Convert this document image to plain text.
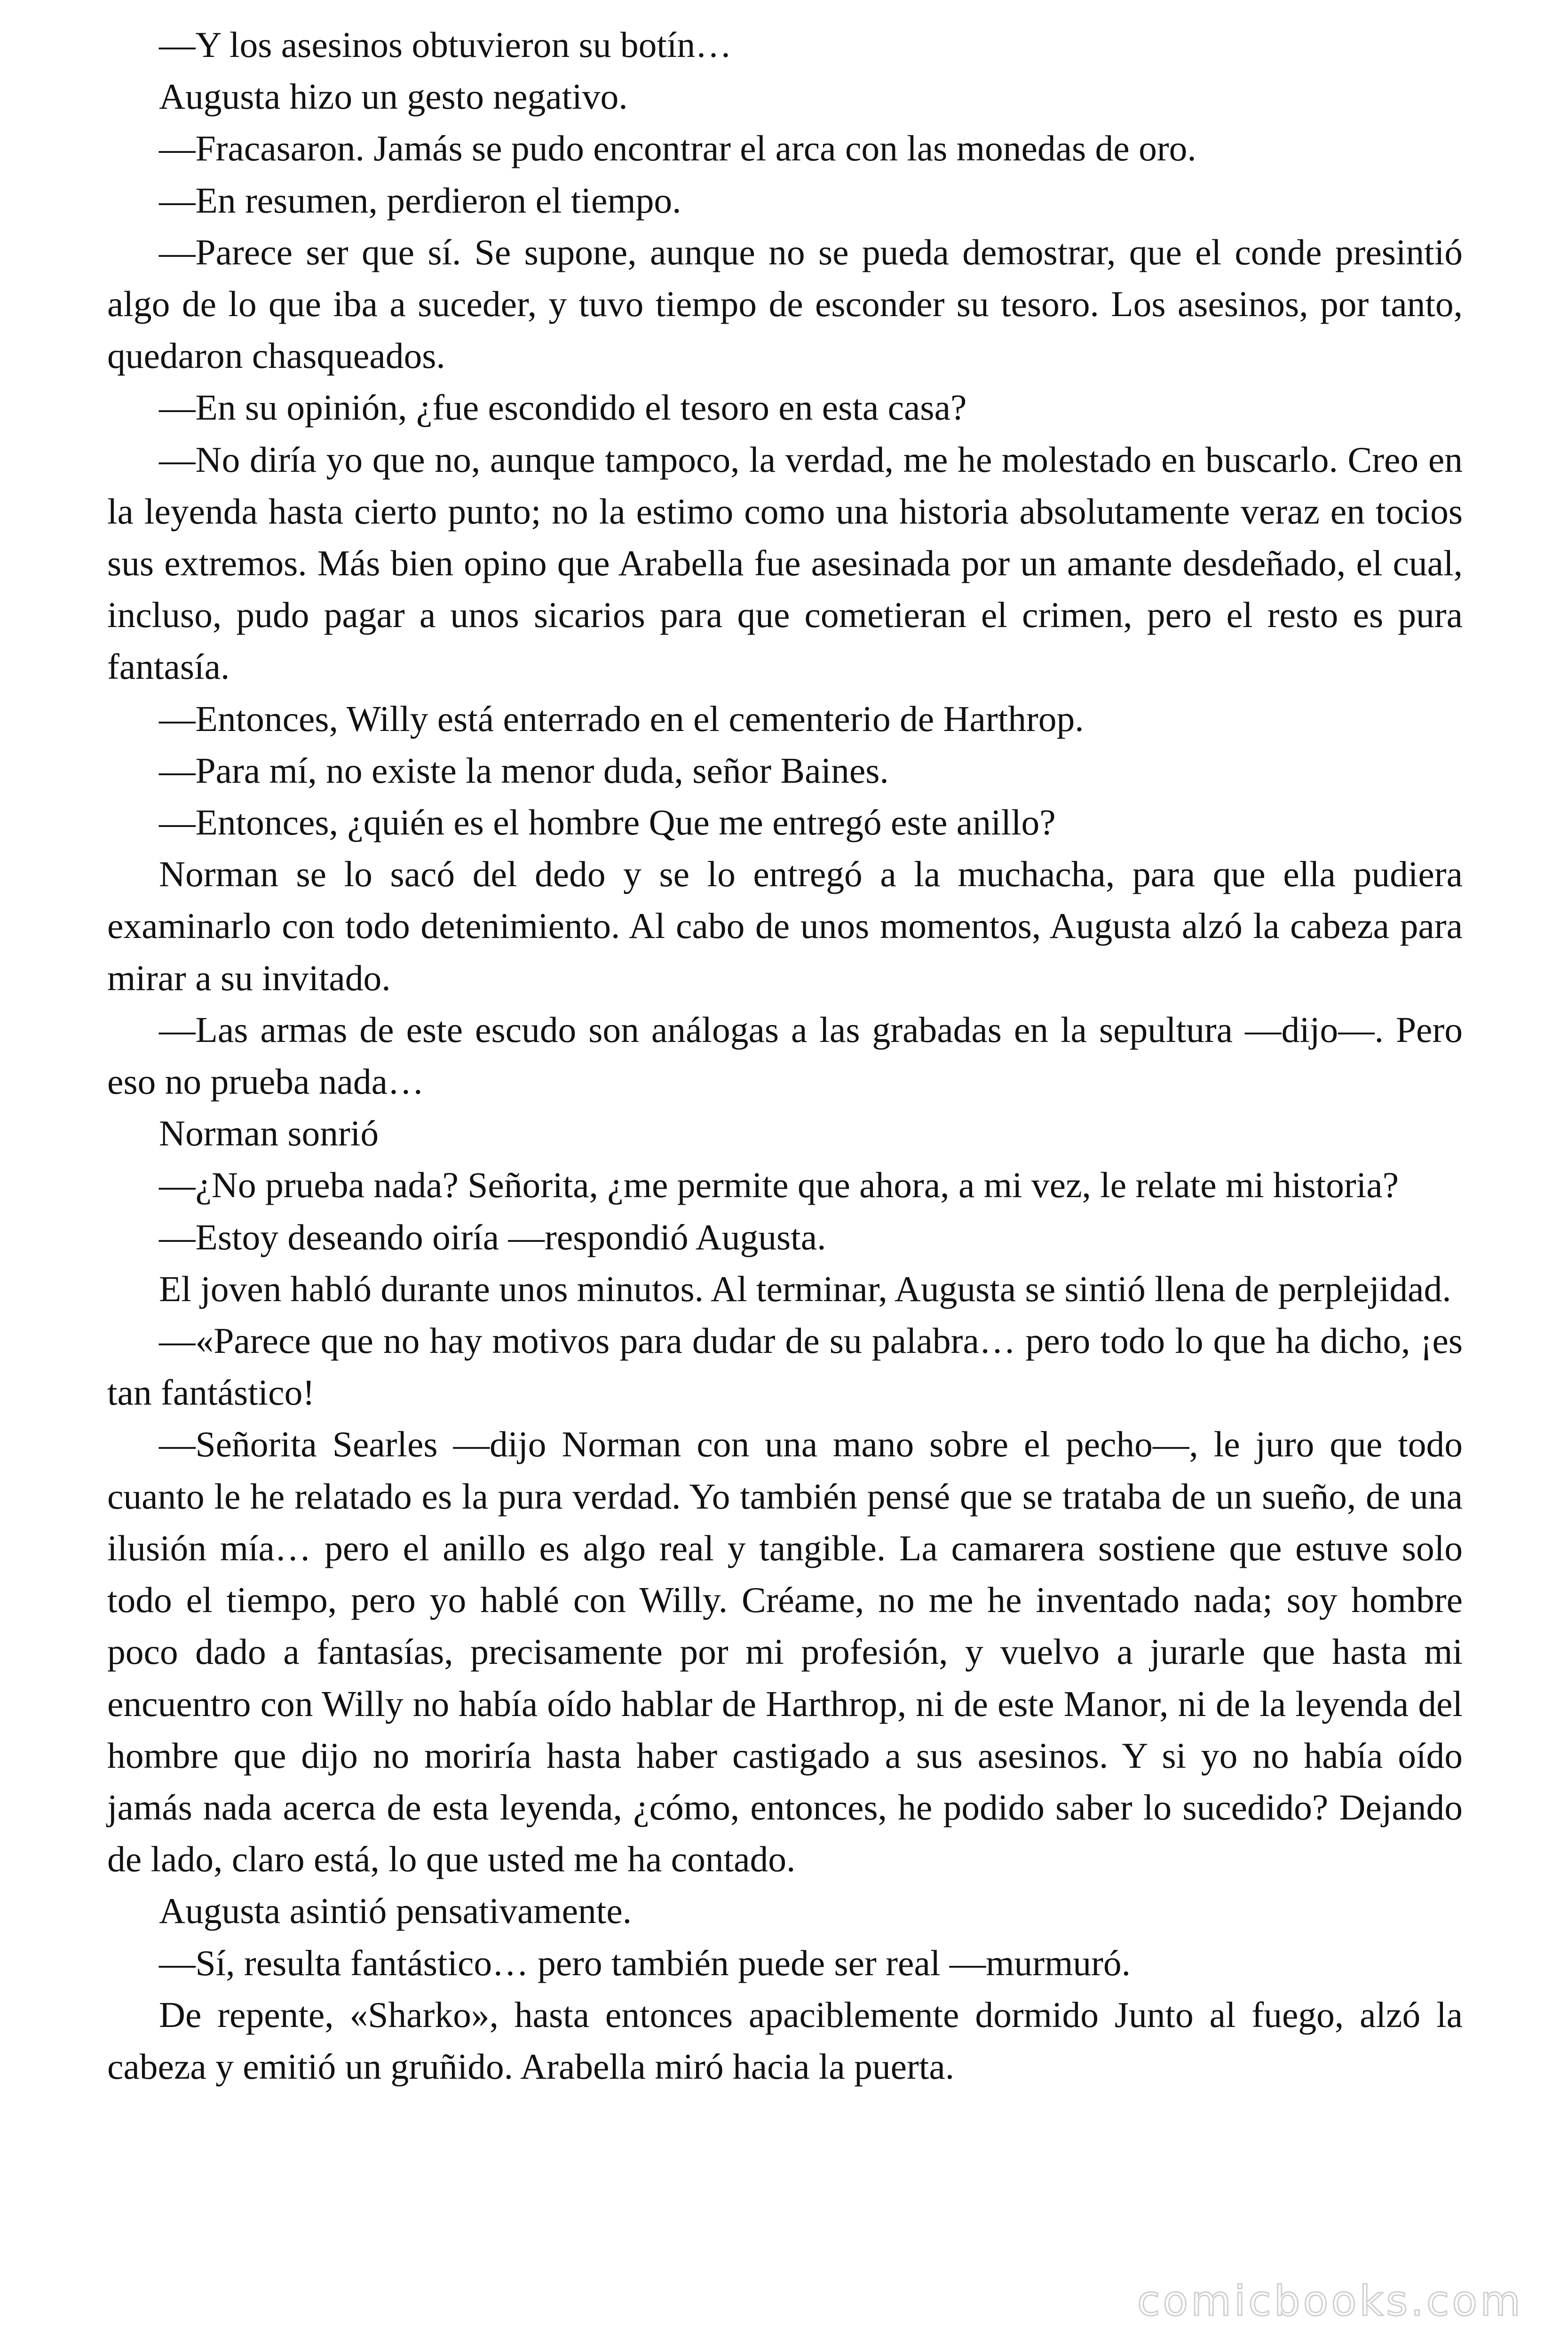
—Y los asesinos obtuvieron su botín…

Augusta hizo un gesto negativo.

—Fracasaron. Jamás se pudo encontrar el arca con las monedas de oro.

—En resumen, perdieron el tiempo.

—Parece ser que sí. Se supone, aunque no se pueda demostrar, que el conde presintió algo de lo que iba a suceder, y tuvo tiempo de esconder su tesoro. Los asesinos, por tanto, quedaron chasqueados.

—En su opinión, ¿fue escondido el tesoro en esta casa?

—No diría yo que no, aunque tampoco, la verdad, me he molestado en buscarlo. Creo en la leyenda hasta cierto punto; no la estimo como una historia absolutamente veraz en tocios sus extremos. Más bien opino que Arabella fue asesinada por un amante desdeñado, el cual, incluso, pudo pagar a unos sicarios para que cometieran el crimen, pero el resto es pura fantasía.

—Entonces, Willy está enterrado en el cementerio de Harthrop.

—Para mí, no existe la menor duda, señor Baines.

—Entonces, ¿quién es el hombre Que me entregó este anillo?

Norman se lo sacó del dedo y se lo entregó a la muchacha, para que ella pudiera examinarlo con todo detenimiento. Al cabo de unos momentos, Augusta alzó la cabeza para mirar a su invitado.

—Las armas de este escudo son análogas a las grabadas en la sepultura —dijo—. Pero eso no prueba nada…

Norman sonrió

—¿No prueba nada? Señorita, ¿me permite que ahora, a mi vez, le relate mi historia?

—Estoy deseando oiría —respondió Augusta.

El joven habló durante unos minutos. Al terminar, Augusta se sintió llena de perplejidad.

—«Parece que no hay motivos para dudar de su palabra… pero todo lo que ha dicho, ¡es tan fantástico!

—Señorita Searles —dijo Norman con una mano sobre el pecho—, le juro que todo cuanto le he relatado es la pura verdad. Yo también pensé que se trataba de un sueño, de una ilusión mía… pero el anillo es algo real y tangible. La camarera sostiene que estuve solo todo el tiempo, pero yo hablé con Willy. Créame, no me he inventado nada; soy hombre poco dado a fantasías, precisamente por mi profesión, y vuelvo a jurarle que hasta mi encuentro con Willy no había oído hablar de Harthrop, ni de este Manor, ni de la leyenda del hombre que dijo no moriría hasta haber castigado a sus asesinos. Y si yo no había oído jamás nada acerca de esta leyenda, ¿cómo, entonces, he podido saber lo sucedido? Dejando de lado, claro está, lo que usted me ha contado.

Augusta asintió pensativamente.

—Sí, resulta fantástico… pero también puede ser real —murmuró.

De repente, «Sharko», hasta entonces apaciblemente dormido Junto al fuego, alzó la cabeza y emitió un gruñido. Arabella miró hacia la puerta.

comicbooks.com
